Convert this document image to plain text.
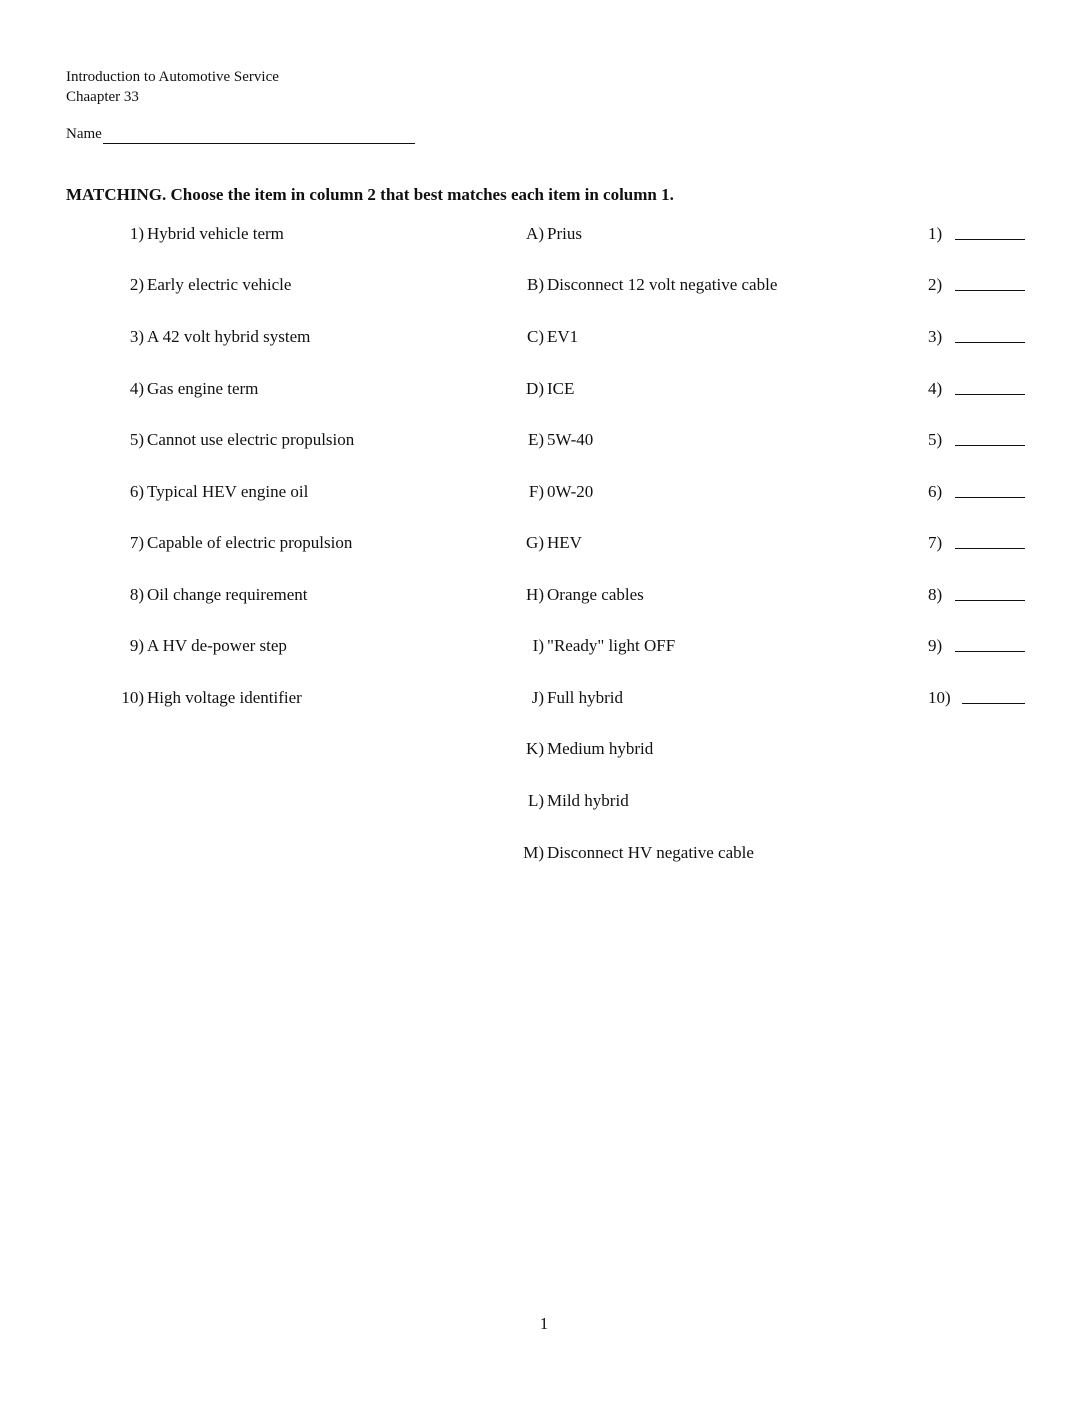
Introduction to Automotive Service
Chaapter 33
Name
MATCHING. Choose the item in column 2 that best matches each item in column 1.
1) Hybrid vehicle term	A) Prius	1)
2) Early electric vehicle	B) Disconnect 12 volt negative cable	2)
3) A 42 volt hybrid system	C) EV1	3)
4) Gas engine term	D) ICE	4)
5) Cannot use electric propulsion	E) 5W-40	5)
6) Typical HEV engine oil	F) 0W-20	6)
7) Capable of electric propulsion	G) HEV	7)
8) Oil change requirement	H) Orange cables	8)
9) A HV de-power step	I) "Ready" light OFF	9)
10) High voltage identifier	J) Full hybrid	10)
K) Medium hybrid
L) Mild hybrid
M) Disconnect HV negative cable
1
